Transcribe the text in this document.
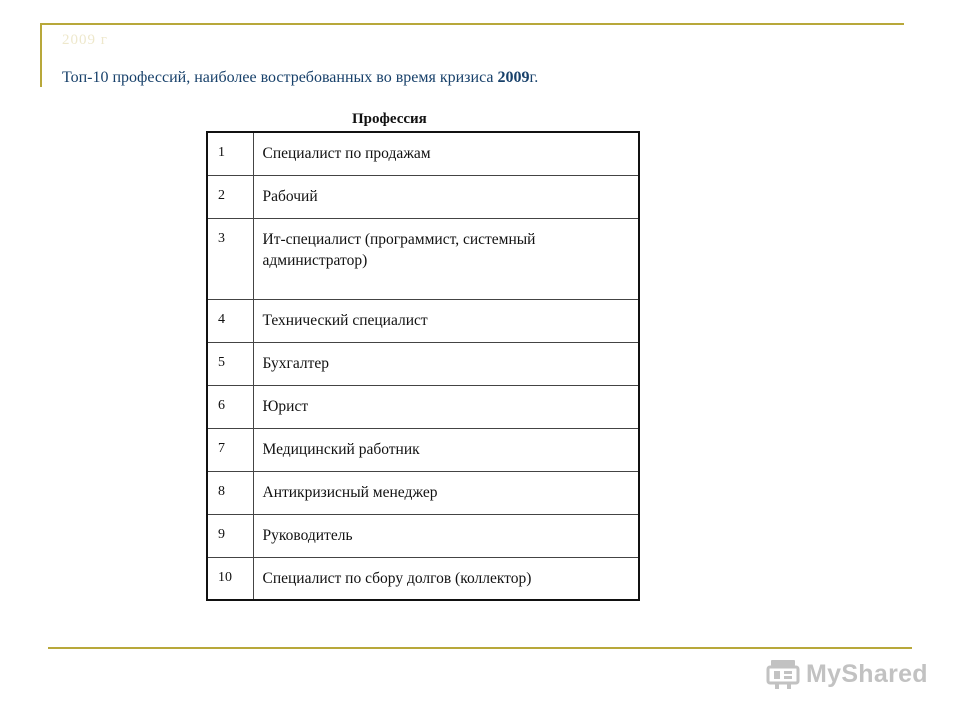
2009 г
Топ-10 профессий, наиболее востребованных во время кризиса 2009г.
Профессия
1	Специалист по продажам
2	Рабочий
3	Ит-специалист (программист, системный администратор)
4	Технический специалист
5	Бухгалтер
6	Юрист
7	Медицинский работник
8	Антикризисный менеджер
9	Руководитель
10	Специалист по сбору долгов (коллектор)
MyShared
